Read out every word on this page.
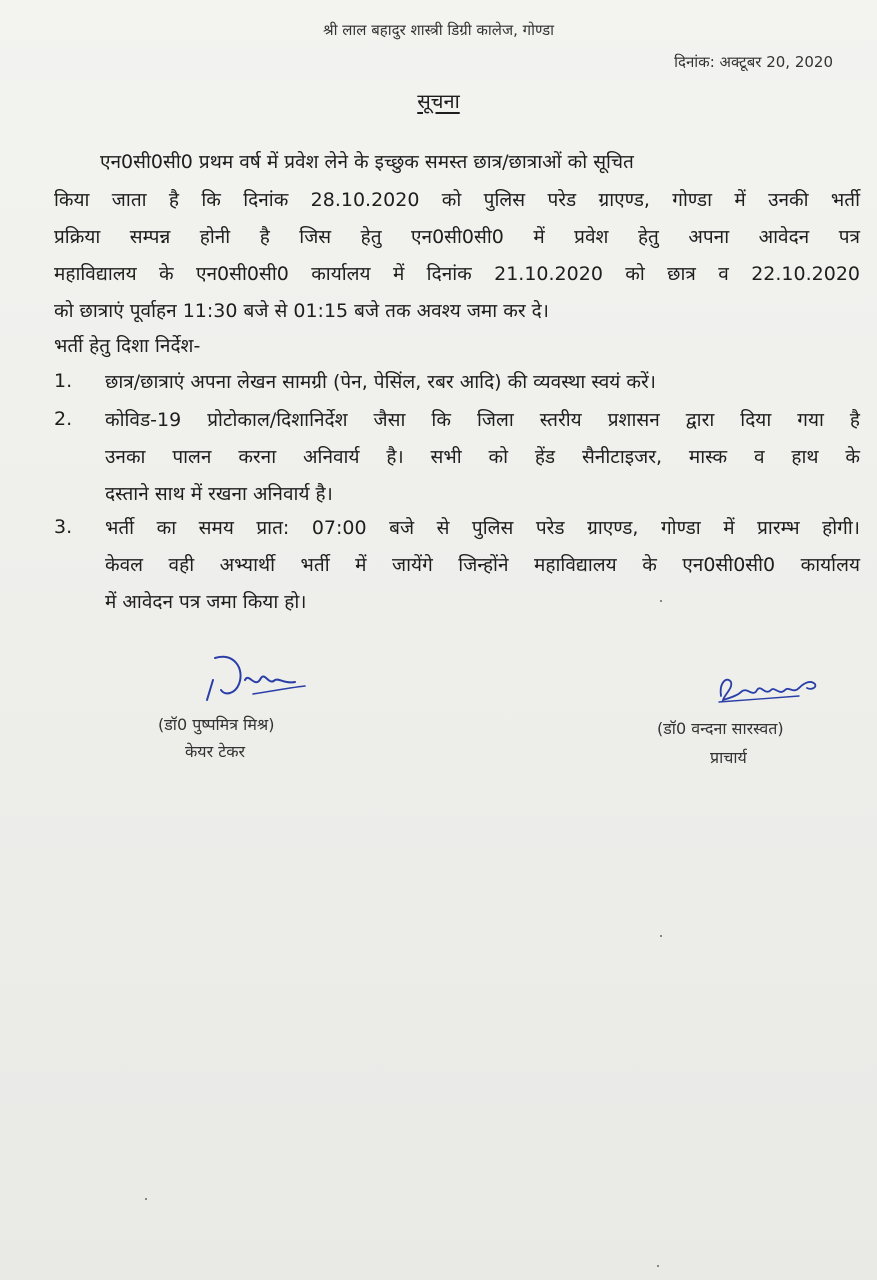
श्री लाल बहादुर शास्त्री डिग्री कालेज, गोण्डा
दिनांक: अक्टूबर 20, 2020
सूचना
एन0सी0सी0 प्रथम वर्ष में प्रवेश लेने के इच्छुक समस्त छात्र/छात्राओं को सूचित
किया जाता है कि दिनांक 28.10.2020 को पुलिस परेड ग्राएण्ड, गोण्डा में उनकी भर्ती
प्रक्रिया सम्पन्न होनी है जिस हेतु एन0सी0सी0 में प्रवेश हेतु अपना आवेदन पत्र
महाविद्यालय के एन0सी0सी0 कार्यालय में दिनांक 21.10.2020 को छात्र व 22.10.2020
को छात्राएं पूर्वाहन 11:30 बजे से 01:15 बजे तक अवश्य जमा कर दे।
भर्ती हेतु दिशा निर्देश-
1. छात्र/छात्राएं अपना लेखन सामग्री (पेन, पेसिंल, रबर आदि) की व्यवस्था स्वयं करें।
2. कोविड-19 प्रोटोकाल/दिशानिर्देश जैसा कि जिला स्तरीय प्रशासन द्वारा दिया गया है
उनका पालन करना अनिवार्य है। सभी को हेंड सैनीटाइजर, मास्क व हाथ के
दस्ताने साथ में रखना अनिवार्य है।
3. भर्ती का समय प्रात: 07:00 बजे से पुलिस परेड ग्राएण्ड, गोण्डा में प्रारम्भ होगी।
केवल वही अभ्यार्थी भर्ती में जायेंगे जिन्होंने महाविद्यालय के एन0सी0सी0 कार्यालय
में आवेदन पत्र जमा किया हो।
(डॉ0 पुष्पमित्र मिश्र)
केयर टेकर
(डॉ0 वन्दना सारस्वत)
प्राचार्य
